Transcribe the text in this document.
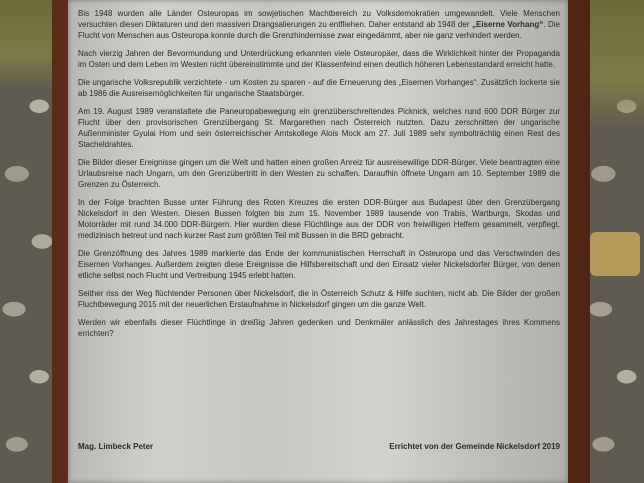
Bis 1948 wurden alle Länder Osteuropas im sowjetischen Machtbereich zu Volksdemokratien umgewandelt. Viele Menschen versuchten diesen Diktaturen und den massiven Drangsalierungen zu entfliehen. Daher entstand ab 1948 der „Eiserne Vorhang“. Die Flucht von Menschen aus Osteuropa konnte durch die Grenzhindernisse zwar eingedämmt, aber nie ganz verhindert werden.

Nach vierzig Jahren der Bevormundung und Unterdrückung erkannten viele Osteuropäer, dass die Wirklichkeit hinter der Propaganda im Osten und dem Leben im Westen nicht übereinstimmte und der Klassenfeind einen deutlich höheren Lebensstandard erreicht hatte.

Die ungarische Volksrepublik verzichtete - um Kosten zu sparen - auf die Erneuerung des „Eisernen Vorhanges“. Zusätzlich lockerte sie ab 1986 die Ausreisemöglichkeiten für ungarische Staatsbürger.

Am 19. August 1989 veranstaltete die Paneuropabewegung ein grenzüberschreitendes Picknick, welches rund 600 DDR Bürger zur Flucht über den provisorischen Grenzübergang St. Margarethen nach Österreich nutzten. Dazu zerschnitten der ungarische Außenminister Gyulai Horn und sein österreichischer Amtskollege Alois Mock am 27. Juli 1989 sehr symbolträchtig einen Rest des Stacheldrahtes.

Die Bilder dieser Ereignisse gingen um die Welt und hatten einen großen Anreiz für ausreisewillige DDR-Bürger. Viele beantragten eine Urlaubsreise nach Ungarn, um den Grenzübertritt in den Westen zu schaffen. Daraufhin öffnete Ungarn am 10. September 1989 die Grenzen zu Österreich.

In der Folge brachten Busse unter Führung des Roten Kreuzes die ersten DDR-Bürger aus Budapest über den Grenzübergang Nickelsdorf in den Westen. Diesen Bussen folgten bis zum 15. November 1989 tausende von Trabis, Wartburgs, Skodas und Motorräder mit rund 34.000 DDR-Bürgern. Hier wurden diese Flüchtlinge aus der DDR von freiwilligen Helfern gesammelt, verpflegt, medizinisch betreut und nach kurzer Rast zum größten Teil mit Bussen in die BRD gebracht.

Die Grenzöffnung des Jahres 1989 markierte das Ende der kommunistischen Herrschaft in Osteuropa und das Verschwinden des Eisernen Vorhanges. Außerdem zeigten diese Ereignisse die Hilfsbereitschaft und den Einsatz vieler Nickelsdorfer Bürger, von denen etliche selbst noch Flucht und Vertreibung 1945 erlebt hatten.

Seither riss der Weg flüchtender Personen über Nickelsdorf, die in Österreich Schutz & Hilfe suchten, nicht ab. Die Bilder der großen Fluchtbewegung 2015 mit der neuerlichen Erstaufnahme in Nickelsdorf gingen um die ganze Welt.

Werden wir ebenfalls dieser Flüchtlinge in dreißig Jahren gedenken und Denkmäler anlässlich des Jahrestages ihres Kommens errichten?

Mag. Limbeck Peter	Errichtet von der Gemeinde Nickelsdorf 2019
